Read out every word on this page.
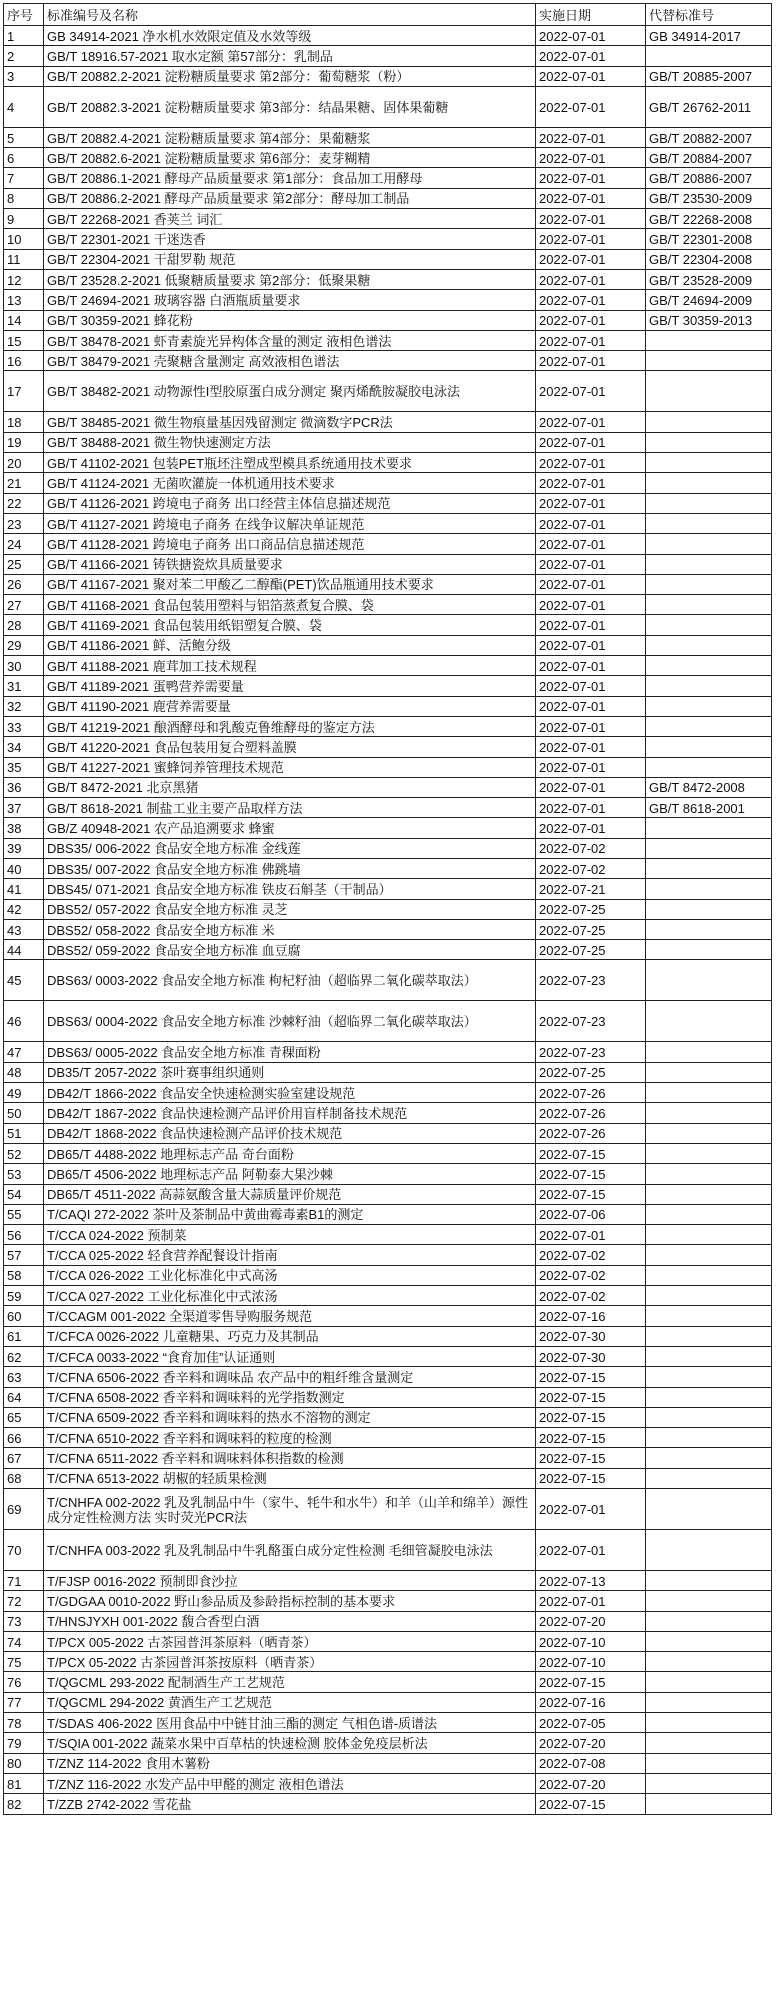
序号	标准编号及名称	实施日期	代替标准号
1	GB 34914-2021 净水机水效限定值及水效等级	2022-07-01	GB 34914-2017
2	GB/T 18916.57-2021 取水定额 第57部分：乳制品	2022-07-01	
3	GB/T 20882.2-2021 淀粉糖质量要求 第2部分：葡萄糖浆（粉）	2022-07-01	GB/T 20885-2007
4	GB/T 20882.3-2021 淀粉糖质量要求 第3部分：结晶果糖、固体果葡糖	2022-07-01	GB/T 26762-2011
5	GB/T 20882.4-2021 淀粉糖质量要求 第4部分：果葡糖浆	2022-07-01	GB/T 20882-2007
6	GB/T 20882.6-2021 淀粉糖质量要求 第6部分：麦芽糊精	2022-07-01	GB/T 20884-2007
7	GB/T 20886.1-2021 酵母产品质量要求 第1部分：食品加工用酵母	2022-07-01	GB/T 20886-2007
8	GB/T 20886.2-2021 酵母产品质量要求 第2部分：酵母加工制品	2022-07-01	GB/T 23530-2009
9	GB/T 22268-2021 香荚兰 词汇	2022-07-01	GB/T 22268-2008
10	GB/T 22301-2021 干迷迭香	2022-07-01	GB/T 22301-2008
11	GB/T 22304-2021 干甜罗勒 规范	2022-07-01	GB/T 22304-2008
12	GB/T 23528.2-2021 低聚糖质量要求 第2部分：低聚果糖	2022-07-01	GB/T 23528-2009
13	GB/T 24694-2021 玻璃容器 白酒瓶质量要求	2022-07-01	GB/T 24694-2009
14	GB/T 30359-2021 蜂花粉	2022-07-01	GB/T 30359-2013
15	GB/T 38478-2021 虾青素旋光异构体含量的测定 液相色谱法	2022-07-01	
16	GB/T 38479-2021 壳聚糖含量测定 高效液相色谱法	2022-07-01	
17	GB/T 38482-2021 动物源性I型胶原蛋白成分测定 聚丙烯酰胺凝胶电泳法	2022-07-01	
18	GB/T 38485-2021 微生物痕量基因残留测定 微滴数字PCR法	2022-07-01	
19	GB/T 38488-2021 微生物快速测定方法	2022-07-01	
20	GB/T 41102-2021 包装PET瓶坯注塑成型模具系统通用技术要求	2022-07-01	
21	GB/T 41124-2021 无菌吹灌旋一体机通用技术要求	2022-07-01	
22	GB/T 41126-2021 跨境电子商务 出口经营主体信息描述规范	2022-07-01	
23	GB/T 41127-2021 跨境电子商务 在线争议解决单证规范	2022-07-01	
24	GB/T 41128-2021 跨境电子商务 出口商品信息描述规范	2022-07-01	
25	GB/T 41166-2021 铸铁搪瓷炊具质量要求	2022-07-01	
26	GB/T 41167-2021 聚对苯二甲酸乙二醇酯(PET)饮品瓶通用技术要求	2022-07-01	
27	GB/T 41168-2021 食品包装用塑料与铝箔蒸煮复合膜、袋	2022-07-01	
28	GB/T 41169-2021 食品包装用纸铝塑复合膜、袋	2022-07-01	
29	GB/T 41186-2021 鲜、活鲍分级	2022-07-01	
30	GB/T 41188-2021 鹿茸加工技术规程	2022-07-01	
31	GB/T 41189-2021 蛋鸭营养需要量	2022-07-01	
32	GB/T 41190-2021 鹿营养需要量	2022-07-01	
33	GB/T 41219-2021 酿酒酵母和乳酸克鲁维酵母的鉴定方法	2022-07-01	
34	GB/T 41220-2021 食品包装用复合塑料盖膜	2022-07-01	
35	GB/T 41227-2021 蜜蜂饲养管理技术规范	2022-07-01	
36	GB/T 8472-2021 北京黑猪	2022-07-01	GB/T 8472-2008
37	GB/T 8618-2021 制盐工业主要产品取样方法	2022-07-01	GB/T 8618-2001
38	GB/Z 40948-2021 农产品追溯要求 蜂蜜	2022-07-01	
39	DBS35/ 006-2022 食品安全地方标准 金线莲	2022-07-02	
40	DBS35/ 007-2022 食品安全地方标准 佛跳墙	2022-07-02	
41	DBS45/ 071-2021 食品安全地方标准 铁皮石斛茎（干制品）	2022-07-21	
42	DBS52/ 057-2022 食品安全地方标准 灵芝	2022-07-25	
43	DBS52/ 058-2022 食品安全地方标准 米	2022-07-25	
44	DBS52/ 059-2022 食品安全地方标准 血豆腐	2022-07-25	
45	DBS63/ 0003-2022 食品安全地方标准 枸杞籽油（超临界二氧化碳萃取法）	2022-07-23	
46	DBS63/ 0004-2022 食品安全地方标准 沙棘籽油（超临界二氧化碳萃取法）	2022-07-23	
47	DBS63/ 0005-2022 食品安全地方标准 青稞面粉	2022-07-23	
48	DB35/T 2057-2022 茶叶赛事组织通则	2022-07-25	
49	DB42/T 1866-2022 食品安全快速检测实验室建设规范	2022-07-26	
50	DB42/T 1867-2022 食品快速检测产品评价用盲样制备技术规范	2022-07-26	
51	DB42/T 1868-2022 食品快速检测产品评价技术规范	2022-07-26	
52	DB65/T 4488-2022 地理标志产品 奇台面粉	2022-07-15	
53	DB65/T 4506-2022 地理标志产品 阿勒泰大果沙棘	2022-07-15	
54	DB65/T 4511-2022 高蒜氨酸含量大蒜质量评价规范	2022-07-15	
55	T/CAQI 272-2022 茶叶及茶制品中黄曲霉毒素B1的测定	2022-07-06	
56	T/CCA 024-2022 预制菜	2022-07-01	
57	T/CCA 025-2022 轻食营养配餐设计指南	2022-07-02	
58	T/CCA 026-2022 工业化标准化中式高汤	2022-07-02	
59	T/CCA 027-2022 工业化标准化中式浓汤	2022-07-02	
60	T/CCAGM 001-2022 全渠道零售导购服务规范	2022-07-16	
61	T/CFCA 0026-2022 儿童糖果、巧克力及其制品	2022-07-30	
62	T/CFCA 0033-2022 “食育加佳”认证通则	2022-07-30	
63	T/CFNA 6506-2022 香辛料和调味品 农产品中的粗纤维含量测定	2022-07-15	
64	T/CFNA 6508-2022 香辛料和调味料的光学指数测定	2022-07-15	
65	T/CFNA 6509-2022 香辛料和调味料的热水不溶物的测定	2022-07-15	
66	T/CFNA 6510-2022 香辛料和调味料的粒度的检测	2022-07-15	
67	T/CFNA 6511-2022 香辛料和调味料体积指数的检测	2022-07-15	
68	T/CFNA 6513-2022 胡椒的轻质果检测	2022-07-15	
69	T/CNHFA 002-2022 乳及乳制品中牛（家牛、牦牛和水牛）和羊（山羊和绵羊）源性成分定性检测方法 实时荧光PCR法	2022-07-01	
70	T/CNHFA 003-2022 乳及乳制品中牛乳酪蛋白成分定性检测 毛细管凝胶电泳法	2022-07-01	
71	T/FJSP 0016-2022 预制即食沙拉	2022-07-13	
72	T/GDGAA 0010-2022 野山参品质及参龄指标控制的基本要求	2022-07-01	
73	T/HNSJYXH 001-2022 馥合香型白酒	2022-07-20	
74	T/PCX 005-2022 古茶园普洱茶原料（晒青茶）	2022-07-10	
75	T/PCX 05-2022 古茶园普洱茶按原料（晒青茶）	2022-07-10	
76	T/QGCML 293-2022 配制酒生产工艺规范	2022-07-15	
77	T/QGCML 294-2022 黄酒生产工艺规范	2022-07-16	
78	T/SDAS 406-2022 医用食品中中链甘油三酯的测定 气相色谱-质谱法	2022-07-05	
79	T/SQIA 001-2022 蔬菜水果中百草枯的快速检测 胶体金免疫层析法	2022-07-20	
80	T/ZNZ 114-2022 食用木薯粉	2022-07-08	
81	T/ZNZ 116-2022 水发产品中甲醛的测定 液相色谱法	2022-07-20	
82	T/ZZB 2742-2022 雪花盐	2022-07-15	
